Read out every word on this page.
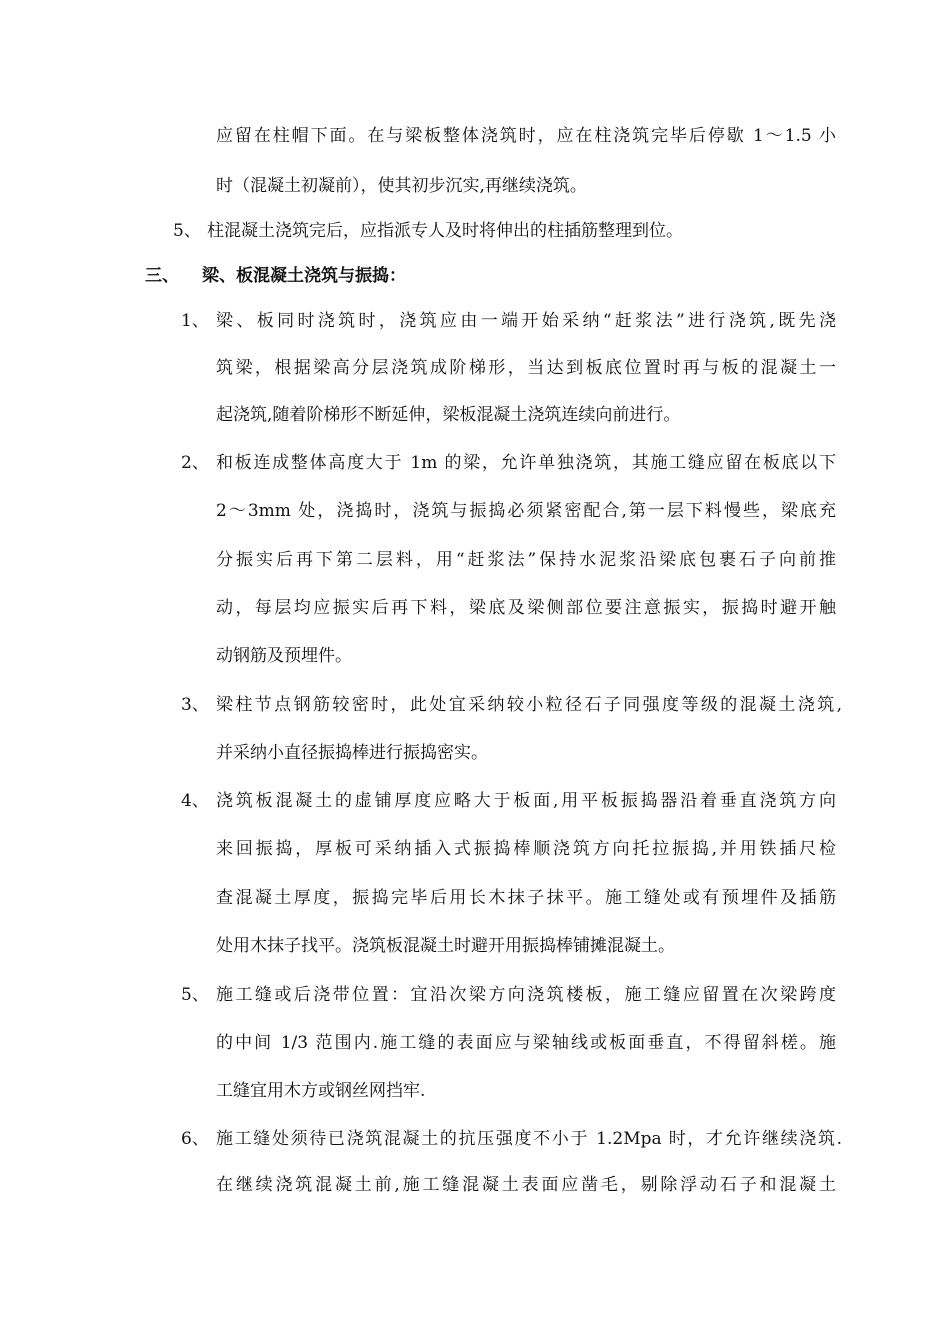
应留在柱帽下面。在与梁板整体浇筑时，应在柱浇筑完毕后停歇 1～1.5 小
时（混凝土初凝前），使其初步沉实,再继续浇筑。
5、 柱混凝土浇筑完后，应指派专人及时将伸出的柱插筋整理到位。
三、 梁、板混凝土浇筑与振捣：
1、 梁、板同时浇筑时，浇筑应由一端开始采纳“赶浆法”进行浇筑,既先浇
筑梁，根据梁高分层浇筑成阶梯形，当达到板底位置时再与板的混凝土一
起浇筑,随着阶梯形不断延伸，梁板混凝土浇筑连续向前进行。
2、 和板连成整体高度大于 1m 的梁，允许单独浇筑，其施工缝应留在板底以下
2～3mm 处，浇捣时，浇筑与振捣必须紧密配合,第一层下料慢些，梁底充
分振实后再下第二层料，用“赶浆法”保持水泥浆沿梁底包裹石子向前推
动，每层均应振实后再下料，梁底及梁侧部位要注意振实，振捣时避开触
动钢筋及预埋件。
3、 梁柱节点钢筋较密时，此处宜采纳较小粒径石子同强度等级的混凝土浇筑,
并采纳小直径振捣棒进行振捣密实。
4、 浇筑板混凝土的虚铺厚度应略大于板面,用平板振捣器沿着垂直浇筑方向
来回振捣，厚板可采纳插入式振捣棒顺浇筑方向托拉振捣,并用铁插尺检
查混凝土厚度，振捣完毕后用长木抹子抹平。施工缝处或有预埋件及插筋
处用木抹子找平。浇筑板混凝土时避开用振捣棒铺摊混凝土。
5、 施工缝或后浇带位置：宜沿次梁方向浇筑楼板，施工缝应留置在次梁跨度
的中间 1/3 范围内.施工缝的表面应与梁轴线或板面垂直，不得留斜槎。施
工缝宜用木方或钢丝网挡牢.
6、 施工缝处须待已浇筑混凝土的抗压强度不小于 1.2Mpa 时，才允许继续浇筑.
在继续浇筑混凝土前,施工缝混凝土表面应凿毛，剔除浮动石子和混凝土
